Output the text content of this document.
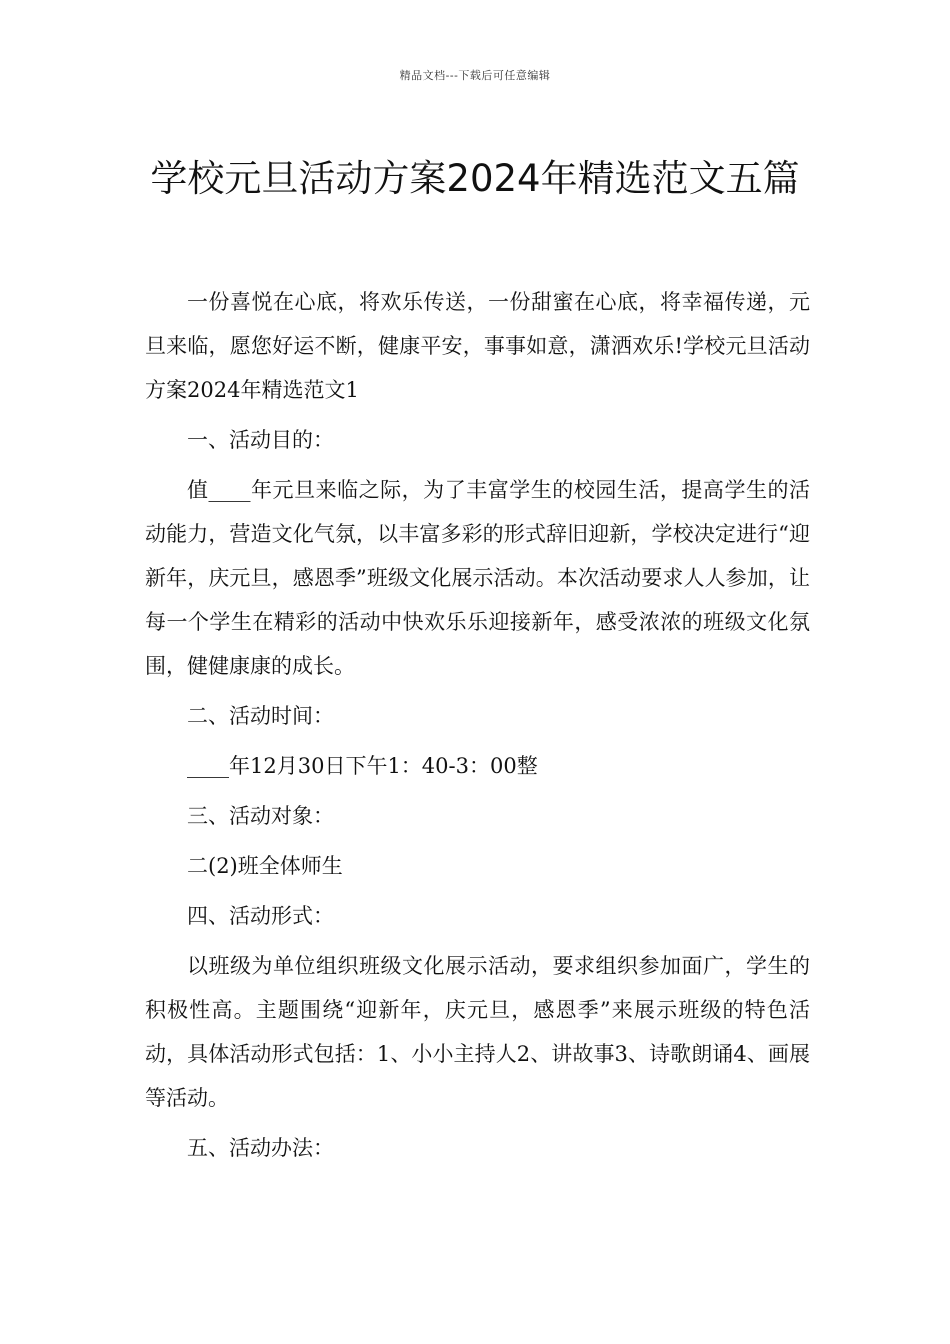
精品文档---下载后可任意编辑
学校元旦活动方案2024年精选范文五篇

一份喜悦在心底，将欢乐传送，一份甜蜜在心底，将幸福传递，元旦来临，愿您好运不断，健康平安，事事如意，潇洒欢乐!学校元旦活动方案2024年精选范文1

一、活动目的：

值____年元旦来临之际，为了丰富学生的校园生活，提高学生的活动能力，营造文化气氛，以丰富多彩的形式辞旧迎新，学校决定进行“迎新年，庆元旦，感恩季”班级文化展示活动。本次活动要求人人参加，让每一个学生在精彩的活动中快欢乐乐迎接新年，感受浓浓的班级文化氛围，健健康康的成长。

二、活动时间：

____年12月30日下午1：40-3：00整

三、活动对象：

二(2)班全体师生

四、活动形式：

以班级为单位组织班级文化展示活动，要求组织参加面广，学生的积极性高。主题围绕“迎新年，庆元旦，感恩季”来展示班级的特色活动，具体活动形式包括：1、小小主持人2、讲故事3、诗歌朗诵4、画展等活动。

五、活动办法：
